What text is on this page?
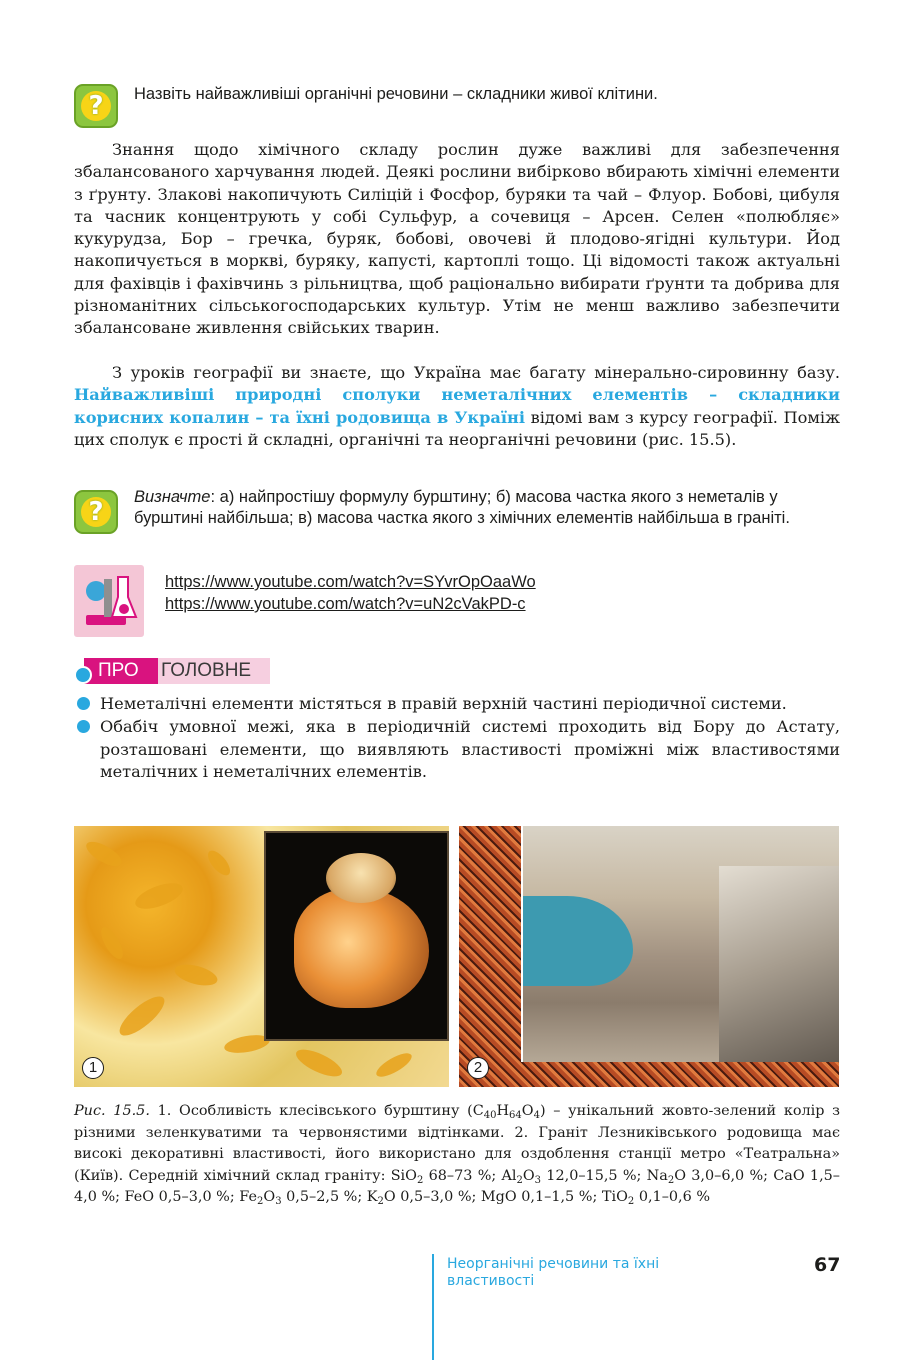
?	Назвіть найважливіші органічні речовини – складники живої клітини.

Знання щодо хімічного складу рослин дуже важливі для забезпечення збалансованого харчування людей. Деякі рослини вибірково вбирають хімічні елементи з ґрунту. Злакові накопичують Силіцій і Фосфор, буряки та чай – Флуор. Бобові, цибуля та часник концентрують у собі Сульфур, а сочевиця – Арсен. Селен «полюбляє» кукурудза, Бор – гречка, буряк, бобові, овочеві й плодово-ягідні культури. Йод накопичується в моркві, буряку, капусті, картоплі тощо. Ці відомості також актуальні для фахівців і фахівчинь з рільництва, щоб раціонально вибирати ґрунти та добрива для різноманітних сільськогосподарських культур. Утім не менш важливо забезпечити збалансоване живлення свійських тварин.

З уроків географії ви знаєте, що Україна має багату мінерально-сировинну базу. Найважливіші природні сполуки неметалічних елементів – складники корисних копалин – та їхні родовища в Україні відомі вам з курсу географії. Поміж цих сполук є прості й складні, органічні та неорганічні речовини (рис. 15.5).

?	Визначте: а) найпростішу формулу бурштину; б) масова частка якого з неметалів у бурштині найбільша; в) масова частка якого з хімічних елементів найбільша в граніті.
https://www.youtube.com/watch?v=SYvrOpOaaWo
https://www.youtube.com/watch?v=uN2cVakPD-c
ПРО	ГОЛОВНЕ
Неметалічні елементи містяться в правій верхній частині періодичної системи.
Обабіч умовної межі, яка в періодичній системі проходить від Бору до Астату, розташовані елементи, що виявляють властивості проміжні між властивостями металічних і неметалічних елементів.
1	2
Рис. 15.5. 1. Особливість клесівського бурштину $(C_{40}H_{64}O_4)$ – унікальний жовто-зелений колір з різними зеленкуватими та червонястими відтінками. 2. Граніт Лезниківського родовища має високі декоративні властивості, його використано для оздоблення станції метро «Театральна» (Київ). Середній хімічний склад граніту: SiO$_2$ 68–73 %; $Al_2O_3$ 12,0–15,5 %; $Na_2O$ 3,0–6,0 %; CaO 1,5–4,0 %; FeO 0,5–3,0 %; $Fe_2O_3$ 0,5–2,5 %; $K_2O$ 0,5–3,0 %; MgO 0,1–1,5 %; TiO$_2$ 0,1–0,6 %
Неорганічні речовини та їхні властивості
67
